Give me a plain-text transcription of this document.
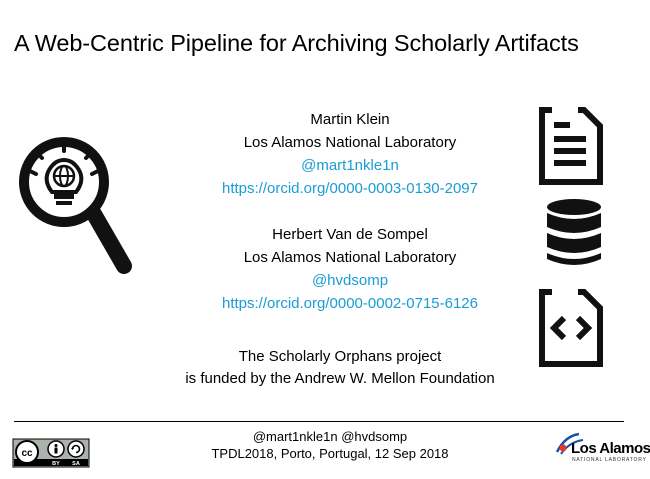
A Web-Centric Pipeline for Archiving Scholarly Artifacts
Martin Klein
Los Alamos National Laboratory
@mart1nkle1n
https://orcid.org/0000-0003-0130-2097
Herbert Van de Sompel
Los Alamos National Laboratory
@hvdsomp
https://orcid.org/0000-0002-0715-6126
The Scholarly Orphans project
is funded by the Andrew W. Mellon Foundation
cc
BY SA
@mart1nkle1n @hvdsomp
TPDL2018, Porto, Portugal, 12 Sep 2018	Los Alamos
NATIONAL LABORATORY
